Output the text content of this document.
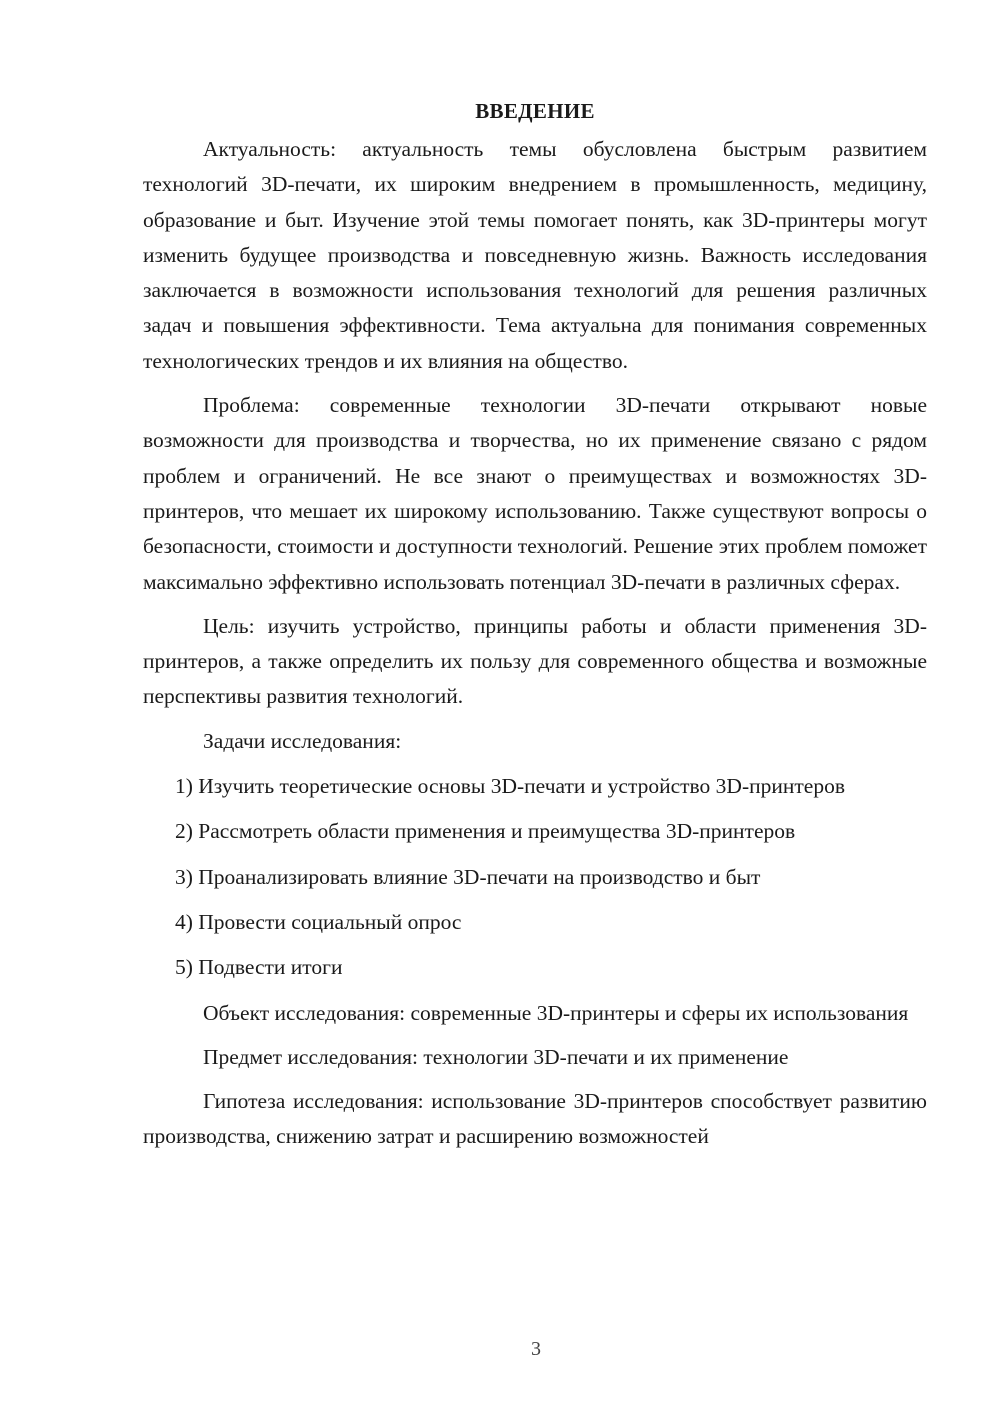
ВВЕДЕНИЕ

Актуальность: актуальность темы обусловлена быстрым развитием технологий 3D-печати, их широким внедрением в промышленность, медицину, образование и быт. Изучение этой темы помогает понять, как 3D-принтеры могут изменить будущее производства и повседневную жизнь. Важность исследования заключается в возможности использования технологий для решения различных задач и повышения эффективности. Тема актуальна для понимания современных технологических трендов и их влияния на общество.

Проблема: современные технологии 3D-печати открывают новые возможности для производства и творчества, но их применение связано с рядом проблем и ограничений. Не все знают о преимуществах и возможностях 3D-принтеров, что мешает их широкому использованию. Также существуют вопросы о безопасности, стоимости и доступности технологий. Решение этих проблем поможет максимально эффективно использовать потенциал 3D-печати в различных сферах.

Цель: изучить устройство, принципы работы и области применения 3D-принтеров, а также определить их пользу для современного общества и возможные перспективы развития технологий.

Задачи исследования:

1) Изучить теоретические основы 3D-печати и устройство 3D-принтеров

2) Рассмотреть области применения и преимущества 3D-принтеров

3) Проанализировать влияние 3D-печати на производство и быт

4) Провести социальный опрос

5) Подвести итоги

Объект исследования: современные 3D-принтеры и сферы их использования

Предмет исследования: технологии 3D-печати и их применение

Гипотеза исследования: использование 3D-принтеров способствует развитию производства, снижению затрат и расширению возможностей

3
